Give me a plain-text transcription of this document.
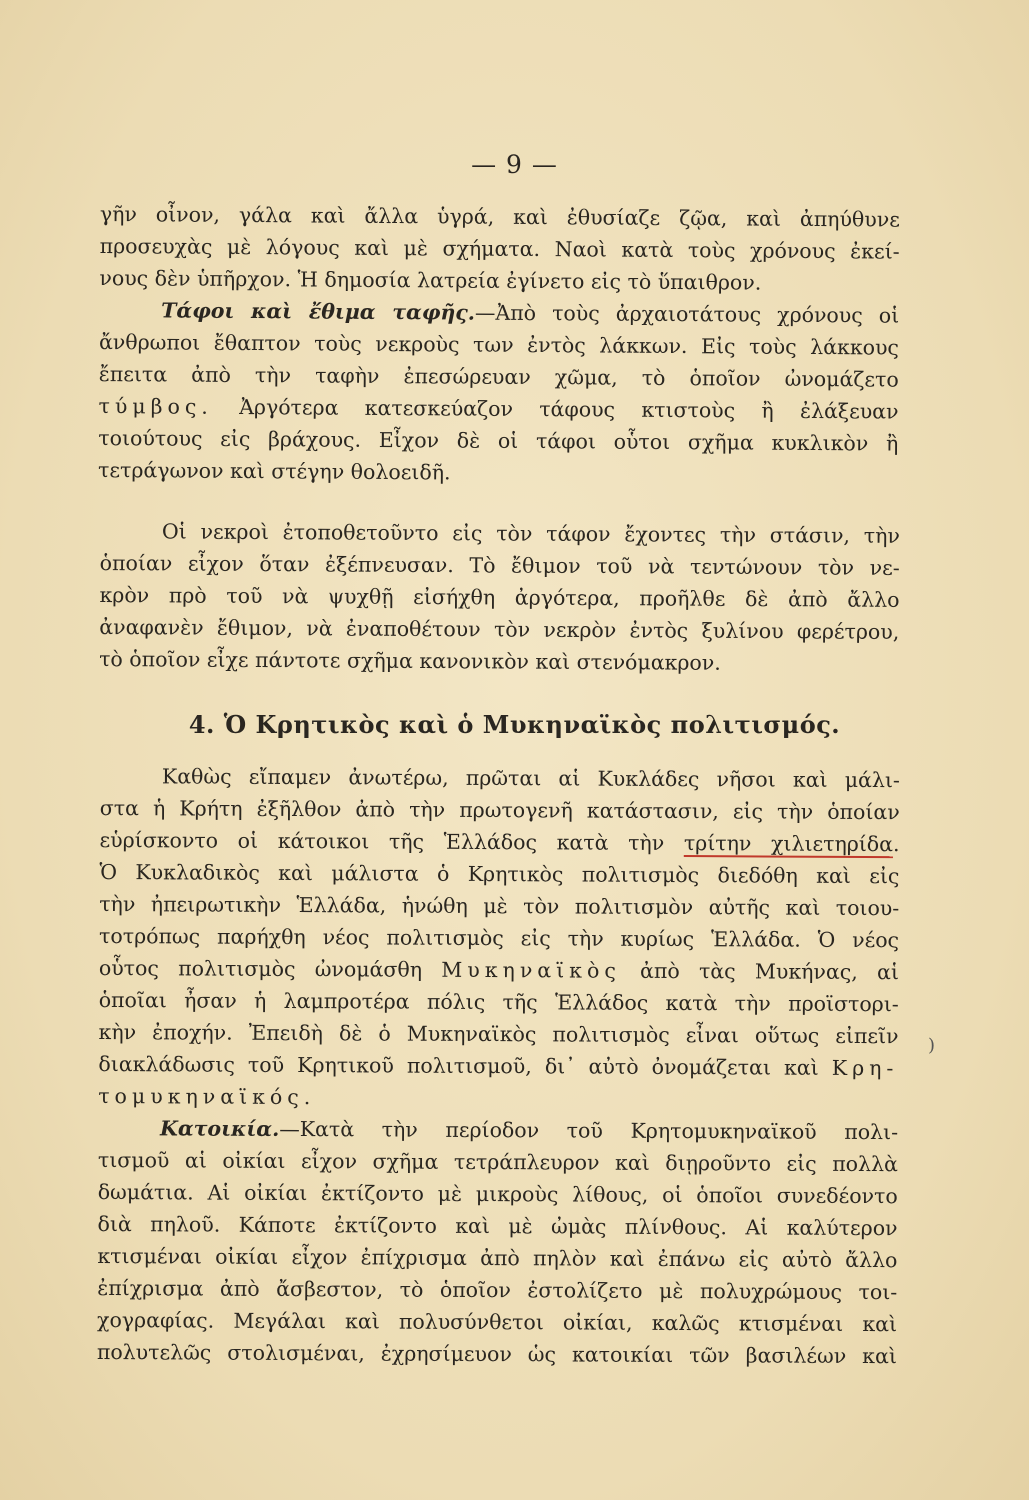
— 9 —
γῆν οἶνον, γάλα καὶ ἄλλα ὑγρά, καὶ ἐθυσίαζε ζῷα, καὶ ἀπηύθυνε
προσευχὰς μὲ λόγους καὶ μὲ σχήματα. Ναοὶ κατὰ τοὺς χρόνους ἐκεί-
νους δὲν ὑπῆρχον. Ἡ δημοσία λατρεία ἐγίνετο εἰς τὸ ὕπαιθρον.
Τάφοι καὶ ἔθιμα ταφῆς.—Ἀπὸ τοὺς ἀρχαιοτάτους χρόνους οἱ
ἄνθρωποι ἔθαπτον τοὺς νεκροὺς των ἐντὸς λάκκων. Εἰς τοὺς λάκκους
ἔπειτα ἀπὸ τὴν ταφὴν ἐπεσώρευαν χῶμα, τὸ ὁποῖον ὠνομάζετο
τύμβος. Ἀργότερα κατεσκεύαζον τάφους κτιστοὺς ἢ ἐλάξευαν
τοιούτους εἰς βράχους. Εἶχον δὲ οἱ τάφοι οὗτοι σχῆμα κυκλικὸν ἢ
τετράγωνον καὶ στέγην θολοειδῆ.
Οἱ νεκροὶ ἐτοποθετοῦντο εἰς τὸν τάφον ἔχοντες τὴν στάσιν, τὴν
ὁποίαν εἶχον ὅταν ἐξέπνευσαν. Τὸ ἔθιμον τοῦ νὰ τεντώνουν τὸν νε-
κρὸν πρὸ τοῦ νὰ ψυχθῇ εἰσήχθη ἀργότερα, προῆλθε δὲ ἀπὸ ἄλλο
ἀναφανὲν ἔθιμον, νὰ ἐναποθέτουν τὸν νεκρὸν ἐντὸς ξυλίνου φερέτρου,
τὸ ὁποῖον εἶχε πάντοτε σχῆμα κανονικὸν καὶ στενόμακρον.
4. Ὁ Κρητικὸς καὶ ὁ Μυκηναϊκὸς πολιτισμός.
Καθὼς εἴπαμεν ἀνωτέρω, πρῶται αἱ Κυκλάδες νῆσοι καὶ μάλι-
στα ἡ Κρήτη ἐξῆλθον ἀπὸ τὴν πρωτογενῆ κατάστασιν, εἰς τὴν ὁποίαν
εὑρίσκοντο οἱ κάτοικοι τῆς Ἑλλάδος κατὰ τὴν τρίτην χιλιετηρίδα.
Ὁ Κυκλαδικὸς καὶ μάλιστα ὁ Κρητικὸς πολιτισμὸς διεδόθη καὶ εἰς
τὴν ἠπειρωτικὴν Ἑλλάδα, ἡνώθη μὲ τὸν πολιτισμὸν αὐτῆς καὶ τοιου-
τοτρόπως παρήχθη νέος πολιτισμὸς εἰς τὴν κυρίως Ἑλλάδα. Ὁ νέος
οὗτος πολιτισμὸς ὠνομάσθη Μυκηναϊκὸς ἀπὸ τὰς Μυκήνας, αἱ
ὁποῖαι ἦσαν ἡ λαμπροτέρα πόλις τῆς Ἑλλάδος κατὰ τὴν προϊστορι-
κὴν ἐποχήν. Ἐπειδὴ δὲ ὁ Μυκηναϊκὸς πολιτισμὸς εἶναι οὕτως εἰπεῖν
διακλάδωσις τοῦ Κρητικοῦ πολιτισμοῦ, δι᾽ αὐτὸ ὀνομάζεται καὶ Κρη-
τομυκηναϊκός.
Κατοικία.—Κατὰ τὴν περίοδον τοῦ Κρητομυκηναϊκοῦ πολι-
τισμοῦ αἱ οἰκίαι εἶχον σχῆμα τετράπλευρον καὶ διῃροῦντο εἰς πολλὰ
δωμάτια. Αἱ οἰκίαι ἐκτίζοντο μὲ μικροὺς λίθους, οἱ ὁποῖοι συνεδέοντο
διὰ πηλοῦ. Κάποτε ἐκτίζοντο καὶ μὲ ὠμὰς πλίνθους. Αἱ καλύτερον
κτισμέναι οἰκίαι εἶχον ἐπίχρισμα ἀπὸ πηλὸν καὶ ἐπάνω εἰς αὐτὸ ἄλλο
ἐπίχρισμα ἀπὸ ἄσβεστον, τὸ ὁποῖον ἐστολίζετο μὲ πολυχρώμους τοι-
χογραφίας. Μεγάλαι καὶ πολυσύνθετοι οἰκίαι, καλῶς κτισμέναι καὶ
πολυτελῶς στολισμέναι, ἐχρησίμευον ὡς κατοικίαι τῶν βασιλέων καὶ
)
